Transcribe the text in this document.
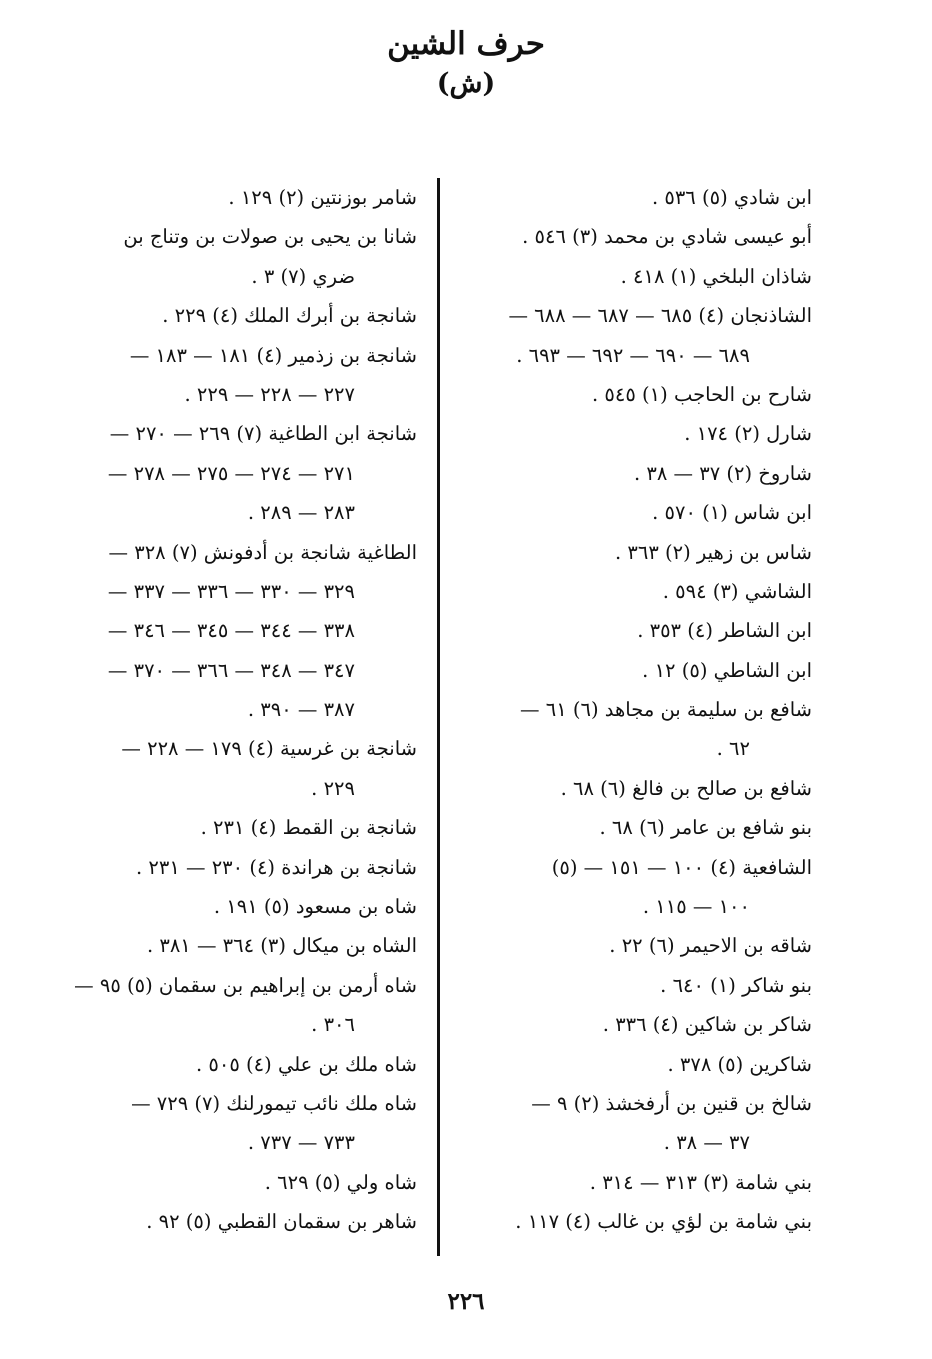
حرف الشين
(ش)
ابن شادي (٥) ٥٣٦ .
أبو عيسى شادي بن محمد (٣) ٥٤٦ .
شاذان البلخي (١) ٤١٨ .
الشاذنجان (٤) ٦٨٥ — ٦٨٧ — ٦٨٨ —
٦٨٩ — ٦٩٠ — ٦٩٢ — ٦٩٣ .
شارح بن الحاجب (١) ٥٤٥ .
شارل (٢) ١٧٤ .
شاروخ (٢) ٣٧ — ٣٨ .
ابن شاس (١) ٥٧٠ .
شاس بن زهير (٢) ٣٦٣ .
الشاشي (٣) ٥٩٤ .
ابن الشاطر (٤) ٣٥٣ .
ابن الشاطي (٥) ١٢ .
شافع بن سليمة بن مجاهد (٦) ٦١ —
٦٢ .
شافع بن صالح بن فالغ (٦) ٦٨ .
بنو شافع بن عامر (٦) ٦٨ .
الشافعية (٤) ١٠٠ — ١٥١ — (٥)
١٠٠ — ١١٥ .
شاقه بن الاحيمر (٦) ٢٢ .
بنو شاكر (١) ٦٤٠ .
شاكر بن شاكين (٤) ٣٣٦ .
شاكرين (٥) ٣٧٨ .
شالخ بن قنين بن أرفخشذ (٢) ٩ —
٣٧ — ٣٨ .
بني شامة (٣) ٣١٣ — ٣١٤ .
بني شامة بن لؤي بن غالب (٤) ١١٧ .
شامر بوزنتين (٢) ١٢٩ .
شانا بن يحيى بن صولات بن وتناج بن
ضري (٧) ٣ .
شانجة بن أبرك الملك (٤) ٢٢٩ .
شانجة بن زذمير (٤) ١٨١ — ١٨٣ —
٢٢٧ — ٢٢٨ — ٢٢٩ .
شانجة ابن الطاغية (٧) ٢٦٩ — ٢٧٠ —
٢٧١ — ٢٧٤ — ٢٧٥ — ٢٧٨ —
٢٨٣ — ٢٨٩ .
الطاغية شانجة بن أدفونش (٧) ٣٢٨ —
٣٢٩ — ٣٣٠ — ٣٣٦ — ٣٣٧ —
٣٣٨ — ٣٤٤ — ٣٤٥ — ٣٤٦ —
٣٤٧ — ٣٤٨ — ٣٦٦ — ٣٧٠ —
٣٨٧ — ٣٩٠ .
شانجة بن غرسية (٤) ١٧٩ — ٢٢٨ —
٢٢٩ .
شانجة بن القمط (٤) ٢٣١ .
شانجة بن هراندة (٤) ٢٣٠ — ٢٣١ .
شاه بن مسعود (٥) ١٩١ .
الشاه بن ميكال (٣) ٣٦٤ — ٣٨١ .
شاه أرمن بن إبراهيم بن سقمان (٥) ٩٥ —
٣٠٦ .
شاه ملك بن علي (٤) ٥٠٥ .
شاه ملك نائب تيمورلنك (٧) ٧٢٩ —
٧٣٣ — ٧٣٧ .
شاه ولي (٥) ٦٢٩ .
شاهر بن سقمان القطبي (٥) ٩٢ .
٢٢٦
